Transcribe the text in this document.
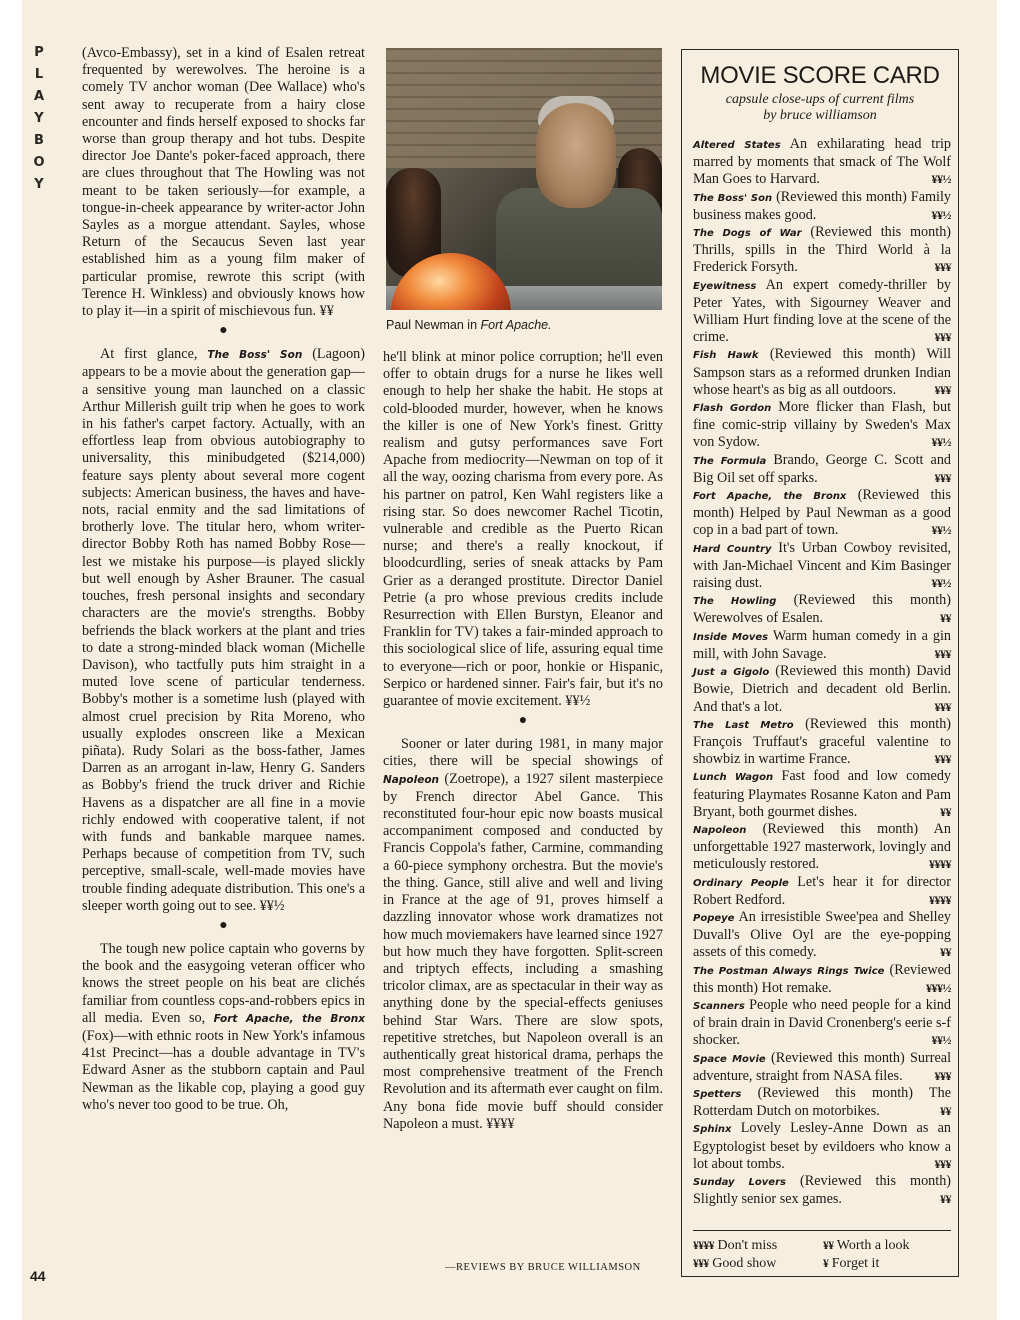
P
L
A
Y
B
O
Y
44

(Avco-Embassy), set in a kind of Esalen retreat frequented by werewolves. The heroine is a comely TV anchor woman (Dee Wallace) who's sent away to recuperate from a hairy close encounter and finds herself exposed to shocks far worse than group therapy and hot tubs. Despite director Joe Dante's poker-faced approach, there are clues throughout that The Howling was not meant to be taken seriously—for example, a tongue-in-cheek appearance by writer-actor John Sayles as a morgue attendant. Sayles, whose Return of the Secaucus Seven last year established him as a young film maker of particular promise, rewrote this script (with Terence H. Winkless) and obviously knows how to play it—in a spirit of mischievous fun. ¥¥

●

At first glance, The Boss' Son (Lagoon) appears to be a movie about the generation gap—a sensitive young man launched on a classic Arthur Millerish guilt trip when he goes to work in his father's carpet factory. Actually, with an effortless leap from obvious autobiography to universality, this minibudgeted ($214,000) feature says plenty about several more cogent subjects: American business, the haves and have-nots, racial enmity and the sad limitations of brotherly love. The titular hero, whom writer-director Bobby Roth has named Bobby Rose—lest we mistake his purpose—is played slickly but well enough by Asher Brauner. The casual touches, fresh personal insights and secondary characters are the movie's strengths. Bobby befriends the black workers at the plant and tries to date a strong-minded black woman (Michelle Davison), who tactfully puts him straight in a muted love scene of particular tenderness. Bobby's mother is a sometime lush (played with almost cruel precision by Rita Moreno, who usually explodes onscreen like a Mexican piñata). Rudy Solari as the boss-father, James Darren as an arrogant in-law, Henry G. Sanders as Bobby's friend the truck driver and Richie Havens as a dispatcher are all fine in a movie richly endowed with cooperative talent, if not with funds and bankable marquee names. Perhaps because of competition from TV, such perceptive, small-scale, well-made movies have trouble finding adequate distribution. This one's a sleeper worth going out to see. ¥¥½

●

The tough new police captain who governs by the book and the easygoing veteran officer who knows the street people on his beat are clichés familiar from countless cops-and-robbers epics in all media. Even so, Fort Apache, the Bronx (Fox)—with ethnic roots in New York's infamous 41st Precinct—has a double advantage in TV's Edward Asner as the stubborn captain and Paul Newman as the likable cop, playing a good guy who's never too good to be true. Oh,

Paul Newman in Fort Apache.

he'll blink at minor police corruption; he'll even offer to obtain drugs for a nurse he likes well enough to help her shake the habit. He stops at cold-blooded murder, however, when he knows the killer is one of New York's finest. Gritty realism and gutsy performances save Fort Apache from mediocrity—Newman on top of it all the way, oozing charisma from every pore. As his partner on patrol, Ken Wahl registers like a rising star. So does newcomer Rachel Ticotin, vulnerable and credible as the Puerto Rican nurse; and there's a really knockout, if bloodcurdling, series of sneak attacks by Pam Grier as a deranged prostitute. Director Daniel Petrie (a pro whose previous credits include Resurrection with Ellen Burstyn, Eleanor and Franklin for TV) takes a fair-minded approach to this sociological slice of life, assuring equal time to everyone—rich or poor, honkie or Hispanic, Serpico or hardened sinner. Fair's fair, but it's no guarantee of movie excitement. ¥¥½

●

Sooner or later during 1981, in many major cities, there will be special showings of Napoleon (Zoetrope), a 1927 silent masterpiece by French director Abel Gance. This reconstituted four-hour epic now boasts musical accompaniment composed and conducted by Francis Coppola's father, Carmine, commanding a 60-piece symphony orchestra. But the movie's the thing. Gance, still alive and well and living in France at the age of 91, proves himself a dazzling innovator whose work dramatizes not how much moviemakers have learned since 1927 but how much they have forgotten. Split-screen and triptych effects, including a smashing tricolor climax, are as spectacular in their way as anything done by the special-effects geniuses behind Star Wars. There are slow spots, repetitive stretches, but Napoleon overall is an authentically great historical drama, perhaps the most comprehensive treatment of the French Revolution and its aftermath ever caught on film. Any bona fide movie buff should consider Napoleon a must. ¥¥¥¥

—REVIEWS BY BRUCE WILLIAMSON
MOVIE SCORE CARD
capsule close-ups of current films
by bruce williamson

Altered States An exhilarating head trip marred by moments that smack of The Wolf Man Goes to Harvard.	¥¥½

The Boss' Son (Reviewed this month) Family business makes good.	¥¥½

The Dogs of War (Reviewed this month) Thrills, spills in the Third World à la Frederick Forsyth.	¥¥¥

Eyewitness An expert comedy-thriller by Peter Yates, with Sigourney Weaver and William Hurt finding love at the scene of the crime.	¥¥¥

Fish Hawk (Reviewed this month) Will Sampson stars as a reformed drunken Indian whose heart's as big as all outdoors.	¥¥¥

Flash Gordon More flicker than Flash, but fine comic-strip villainy by Sweden's Max von Sydow.	¥¥½

The Formula Brando, George C. Scott and Big Oil set off sparks.	¥¥¥

Fort Apache, the Bronx (Reviewed this month) Helped by Paul Newman as a good cop in a bad part of town.	¥¥½

Hard Country It's Urban Cowboy revisited, with Jan-Michael Vincent and Kim Basinger raising dust.	¥¥½

The Howling (Reviewed this month) Werewolves of Esalen.	¥¥

Inside Moves Warm human comedy in a gin mill, with John Savage.	¥¥¥

Just a Gigolo (Reviewed this month) David Bowie, Dietrich and decadent old Berlin. And that's a lot.	¥¥¥

The Last Metro (Reviewed this month) François Truffaut's graceful valentine to showbiz in wartime France.	¥¥¥

Lunch Wagon Fast food and low comedy featuring Playmates Rosanne Katon and Pam Bryant, both gourmet dishes.	¥¥

Napoleon (Reviewed this month) An unforgettable 1927 masterwork, lovingly and meticulously restored.	¥¥¥¥

Ordinary People Let's hear it for director Robert Redford.	¥¥¥¥

Popeye An irresistible Swee'pea and Shelley Duvall's Olive Oyl are the eye-popping assets of this comedy.	¥¥

The Postman Always Rings Twice (Reviewed this month) Hot remake.	¥¥¥½

Scanners People who need people for a kind of brain drain in David Cronenberg's eerie s-f shocker.	¥¥½

Space Movie (Reviewed this month) Surreal adventure, straight from NASA files.	¥¥¥

Spetters (Reviewed this month) The Rotterdam Dutch on motorbikes.	¥¥

Sphinx Lovely Lesley-Anne Down as an Egyptologist beset by evildoers who know a lot about tombs.	¥¥¥

Sunday Lovers (Reviewed this month) Slightly senior sex games.	¥¥

¥¥¥¥ Don't miss	¥¥ Worth a look
¥¥¥ Good show	¥ Forget it
